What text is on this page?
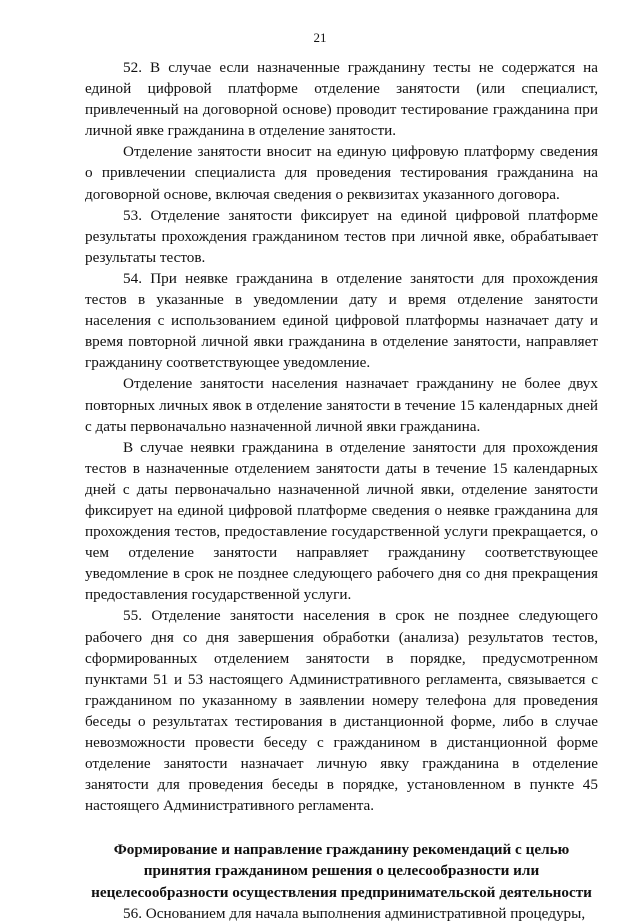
21

52. В случае если назначенные гражданину тесты не содержатся на единой цифровой платформе отделение занятости (или специалист, привлеченный на договорной основе) проводит тестирование гражданина при личной явке гражданина в отделение занятости.

Отделение занятости вносит на единую цифровую платформу сведения о привлечении специалиста для проведения тестирования гражданина на договорной основе, включая сведения о реквизитах указанного договора.

53. Отделение занятости фиксирует на единой цифровой платформе результаты прохождения гражданином тестов при личной явке, обрабатывает результаты тестов.

54. При неявке гражданина в отделение занятости для прохождения тестов в указанные в уведомлении дату и время отделение занятости населения с использованием единой цифровой платформы назначает дату и время повторной личной явки гражданина в отделение занятости, направляет гражданину соответствующее уведомление.

Отделение занятости населения назначает гражданину не более двух повторных личных явок в отделение занятости в течение 15 календарных дней с даты первоначально назначенной личной явки гражданина.

В случае неявки гражданина в отделение занятости для прохождения тестов в назначенные отделением занятости даты в течение 15 календарных дней с даты первоначально назначенной личной явки, отделение занятости фиксирует на единой цифровой платформе сведения о неявке гражданина для прохождения тестов, предоставление государственной услуги прекращается, о чем отделение занятости направляет гражданину соответствующее уведомление в срок не позднее следующего рабочего дня со дня прекращения предоставления государственной услуги.

55. Отделение занятости населения в срок не позднее следующего рабочего дня со дня завершения обработки (анализа) результатов тестов, сформированных отделением занятости в порядке, предусмотренном пунктами 51 и 53 настоящего Административного регламента, связывается с гражданином по указанному в заявлении номеру телефона для проведения беседы о результатах тестирования в дистанционной форме, либо в случае невозможности провести беседу с гражданином в дистанционной форме отделение занятости назначает личную явку гражданина в отделение занятости для проведения беседы в порядке, установленном в пункте 45 настоящего Административного регламента.

Формирование и направление гражданину рекомендаций с целью
принятия гражданином решения о целесообразности или
нецелесообразности осуществления предпринимательской деятельности

56. Основанием для начала выполнения административной процедуры,
